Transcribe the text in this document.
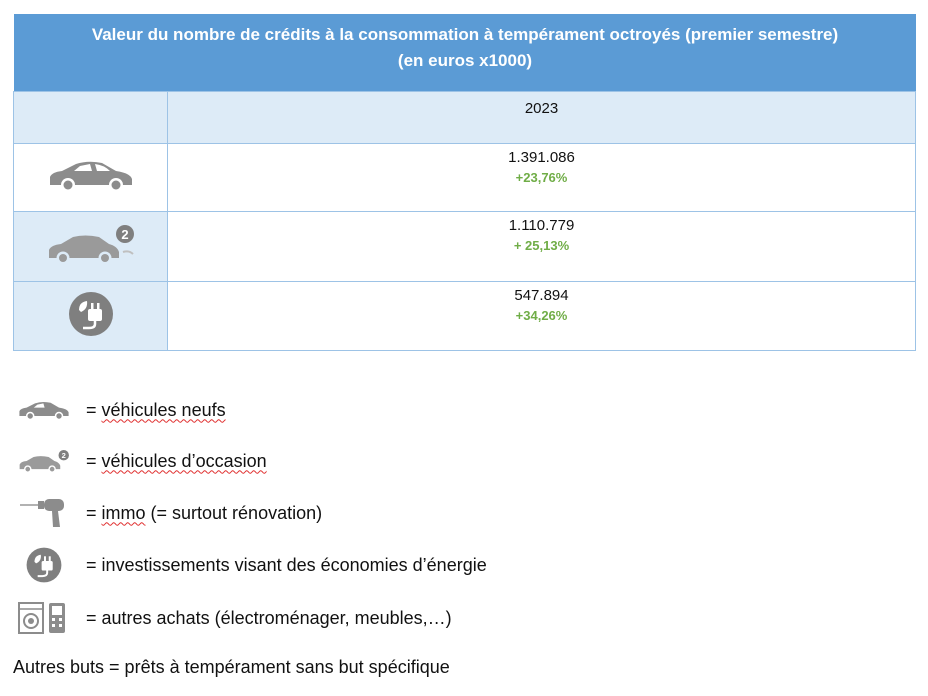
Valeur du nombre de crédits à la consommation à tempérament octroyés (premier semestre)
(en euros x1000)
	2023

1.391.086
+23,76%

2	1.110.779
+ 25,13%

547.894
+34,26%
= véhicules neufs
2 = véhicules d’occasion
= immo (= surtout rénovation)
= investissements visant des économies d’énergie
= autres achats (électroménager, meubles,…)
Autres buts = prêts à tempérament sans but spécifique
